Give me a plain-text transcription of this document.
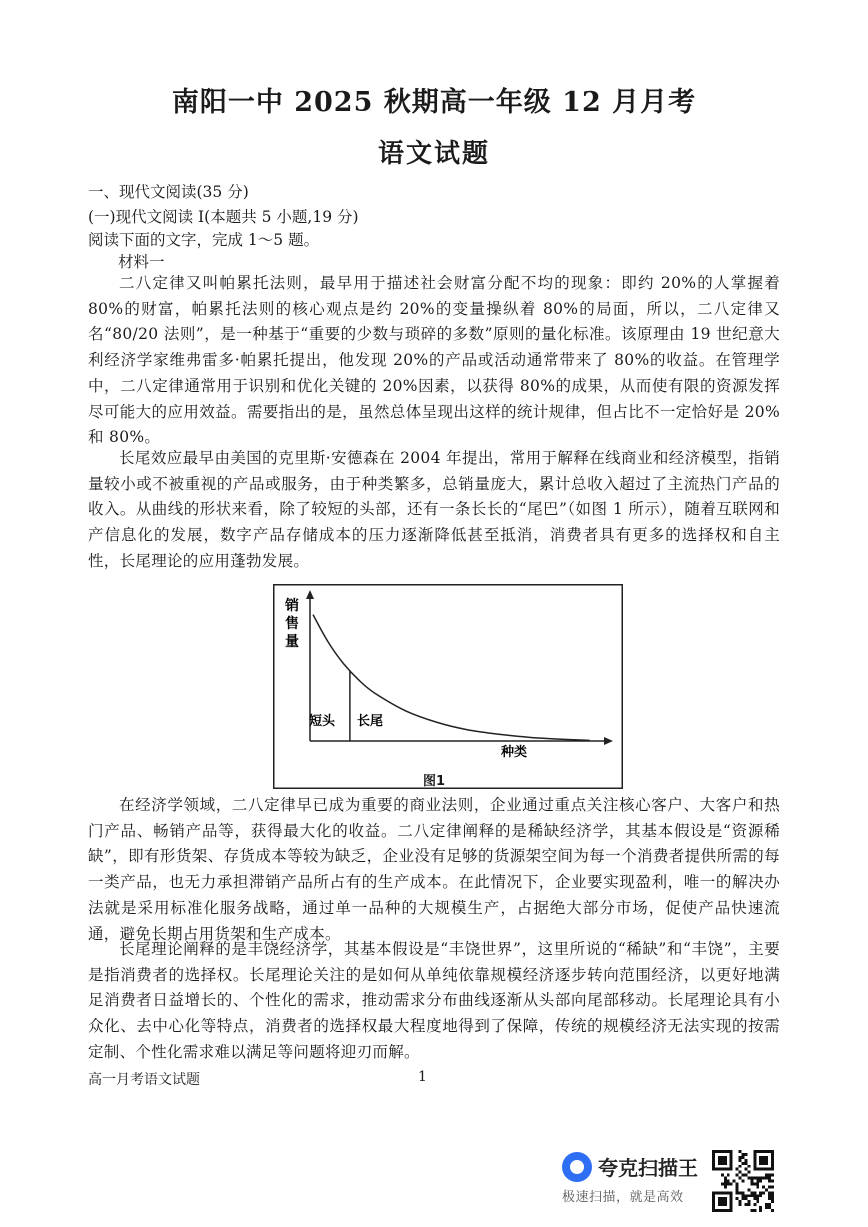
南阳一中 2025 秋期高一年级 12 月月考
语文试题
一、现代文阅读(35 分)
(一)现代文阅读 I(本题共 5 小题,19 分)
阅读下面的文字，完成 1～5 题。
材料一

二八定律又叫帕累托法则，最早用于描述社会财富分配不均的现象：即约 20%的人掌握着 80%的财富，帕累托法则的核心观点是约 20%的变量操纵着 80%的局面，所以，二八定律又名“80/20 法则”，是一种基于“重要的少数与琐碎的多数”原则的量化标准。该原理由 19 世纪意大利经济学家维弗雷多·帕累托提出，他发现 20%的产品或活动通常带来了 80%的收益。在管理学中，二八定律通常用于识别和优化关键的 20%因素，以获得 80%的成果，从而使有限的资源发挥尽可能大的应用效益。需要指出的是，虽然总体呈现出这样的统计规律，但占比不一定恰好是 20%和 80%。

长尾效应最早由美国的克里斯·安德森在 2004 年提出，常用于解释在线商业和经济模型，指销量较小或不被重视的产品或服务，由于种类繁多，总销量庞大，累计总收入超过了主流热门产品的收入。从曲线的形状来看，除了较短的头部，还有一条长长的“尾巴”（如图 1 所示），随着互联网和产信息化的发展，数字产品存储成本的压力逐渐降低甚至抵消，消费者具有更多的选择权和自主性，长尾理论的应用蓬勃发展。

销
售
量
短头 长尾
种类
图1

在经济学领域，二八定律早已成为重要的商业法则，企业通过重点关注核心客户、大客户和热门产品、畅销产品等，获得最大化的收益。二八定律阐释的是稀缺经济学，其基本假设是“资源稀缺”，即有形货架、存货成本等较为缺乏，企业没有足够的货源架空间为每一个消费者提供所需的每一类产品，也无力承担滞销产品所占有的生产成本。在此情况下，企业要实现盈利，唯一的解决办法就是采用标准化服务战略，通过单一品种的大规模生产，占据绝大部分市场，促使产品快速流通，避免长期占用货架和生产成本。

长尾理论阐释的是丰饶经济学，其基本假设是“丰饶世界”，这里所说的“稀缺”和“丰饶”，主要是指消费者的选择权。长尾理论关注的是如何从单纯依靠规模经济逐步转向范围经济，以更好地满足消费者日益增长的、个性化的需求，推动需求分布曲线逐渐从头部向尾部移动。长尾理论具有小众化、去中心化等特点，消费者的选择权最大程度地得到了保障，传统的规模经济无法实现的按需定制、个性化需求难以满足等问题将迎刃而解。

高一月考语文试题	1
夸克扫描王
极速扫描，就是高效
